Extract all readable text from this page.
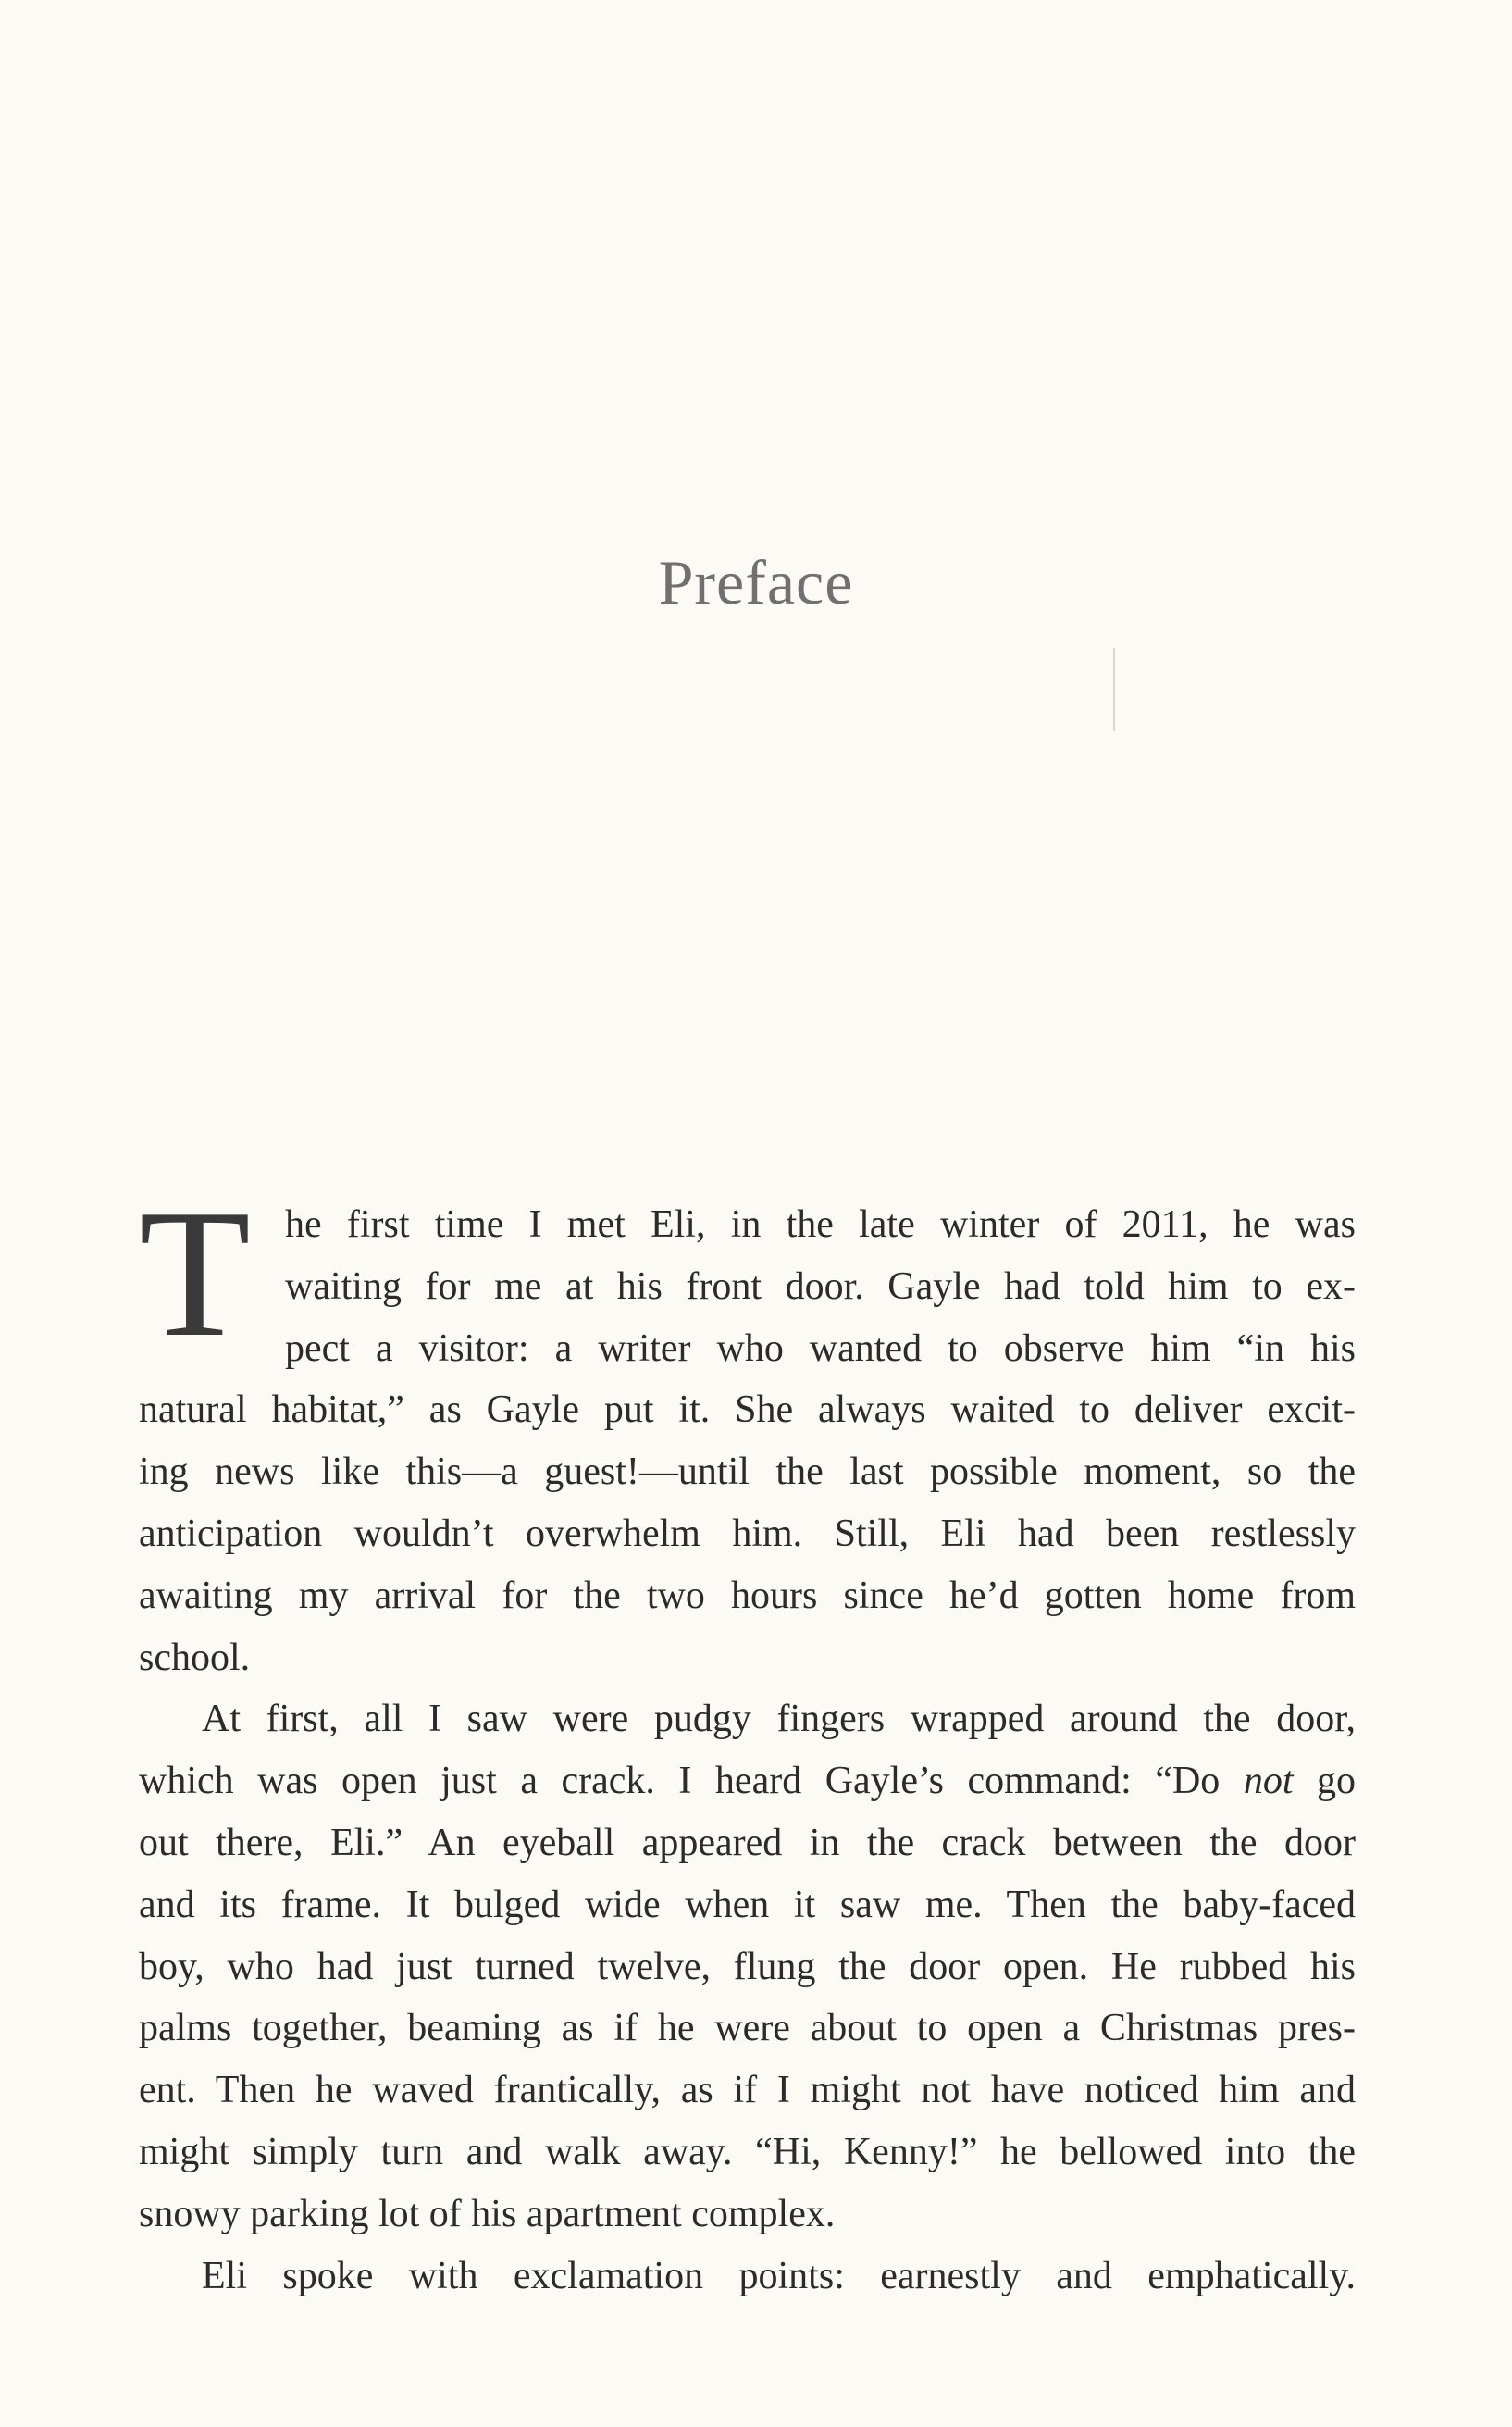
Preface
T he first time I met Eli, in the late winter of 2011, he was
waiting for me at his front door. Gayle had told him to ex-
pect a visitor: a writer who wanted to observe him “in his
natural habitat,” as Gayle put it. She always waited to deliver excit-
ing news like this—a guest!—until the last possible moment, so the
anticipation wouldn’t overwhelm him. Still, Eli had been restlessly
awaiting my arrival for the two hours since he’d gotten home from
school.
At first, all I saw were pudgy fingers wrapped around the door,
which was open just a crack. I heard Gayle’s command: “Do not go
out there, Eli.” An eyeball appeared in the crack between the door
and its frame. It bulged wide when it saw me. Then the baby-faced
boy, who had just turned twelve, flung the door open. He rubbed his
palms together, beaming as if he were about to open a Christmas pres-
ent. Then he waved frantically, as if I might not have noticed him and
might simply turn and walk away. “Hi, Kenny!” he bellowed into the
snowy parking lot of his apartment complex.
Eli spoke with exclamation points: earnestly and emphatically.
